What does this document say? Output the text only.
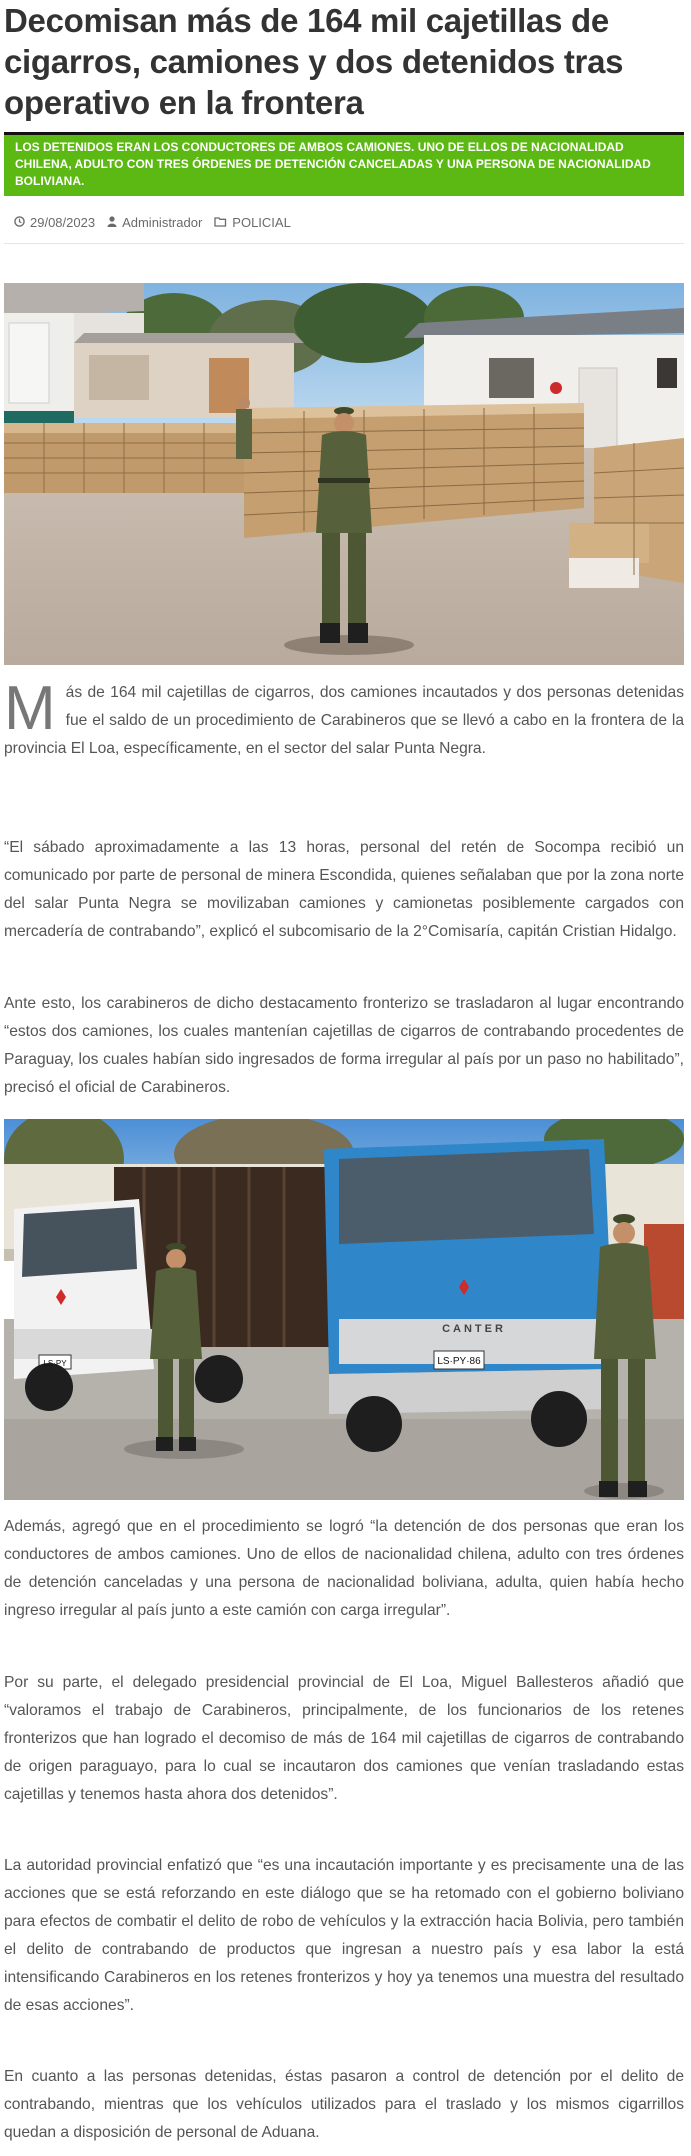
Decomisan más de 164 mil cajetillas de cigarros, camiones y dos detenidos tras operativo en la frontera
LOS DETENIDOS ERAN LOS CONDUCTORES DE AMBOS CAMIONES. UNO DE ELLOS DE NACIONALIDAD CHILENA, ADULTO CON TRES ÓRDENES DE DETENCIÓN CANCELADAS Y UNA PERSONA DE NACIONALIDAD BOLIVIANA.
29/08/2023 Administrador POLICIAL

Más de 164 mil cajetillas de cigarros, dos camiones incautados y dos personas detenidas fue el saldo de un procedimiento de Carabineros que se llevó a cabo en la frontera de la provincia El Loa, específicamente, en el sector del salar Punta Negra.

“El sábado aproximadamente a las 13 horas, personal del retén de Socompa recibió un comunicado por parte de personal de minera Escondida, quienes señalaban que por la zona norte del salar Punta Negra se movilizaban camiones y camionetas posiblemente cargados con mercadería de contrabando”, explicó el subcomisario de la 2°Comisaría, capitán Cristian Hidalgo.

Ante esto, los carabineros de dicho destacamento fronterizo se trasladaron al lugar encontrando “estos dos camiones, los cuales mantenían cajetillas de cigarros de contrabando procedentes de Paraguay, los cuales habían sido ingresados de forma irregular al país por un paso no habilitado”, precisó el oficial de Carabineros.

LS·PY	LS·PY·86
CANTER

Además, agregó que en el procedimiento se logró “la detención de dos personas que eran los conductores de ambos camiones. Uno de ellos de nacionalidad chilena, adulto con tres órdenes de detención canceladas y una persona de nacionalidad boliviana, adulta, quien había hecho ingreso irregular al país junto a este camión con carga irregular”.

Por su parte, el delegado presidencial provincial de El Loa, Miguel Ballesteros añadió que “valoramos el trabajo de Carabineros, principalmente, de los funcionarios de los retenes fronterizos que han logrado el decomiso de más de 164 mil cajetillas de cigarros de contrabando de origen paraguayo, para lo cual se incautaron dos camiones que venían trasladando estas cajetillas y tenemos hasta ahora dos detenidos”.

La autoridad provincial enfatizó que “es una incautación importante y es precisamente una de las acciones que se está reforzando en este diálogo que se ha retomado con el gobierno boliviano para efectos de combatir el delito de robo de vehículos y la extracción hacia Bolivia, pero también el delito de contrabando de productos que ingresan a nuestro país y esa labor la está intensificando Carabineros en los retenes fronterizos y hoy ya tenemos una muestra del resultado de esas acciones”.

En cuanto a las personas detenidas, éstas pasaron a control de detención por el delito de contrabando, mientras que los vehículos utilizados para el traslado y los mismos cigarrillos quedan a disposición de personal de Aduana.
